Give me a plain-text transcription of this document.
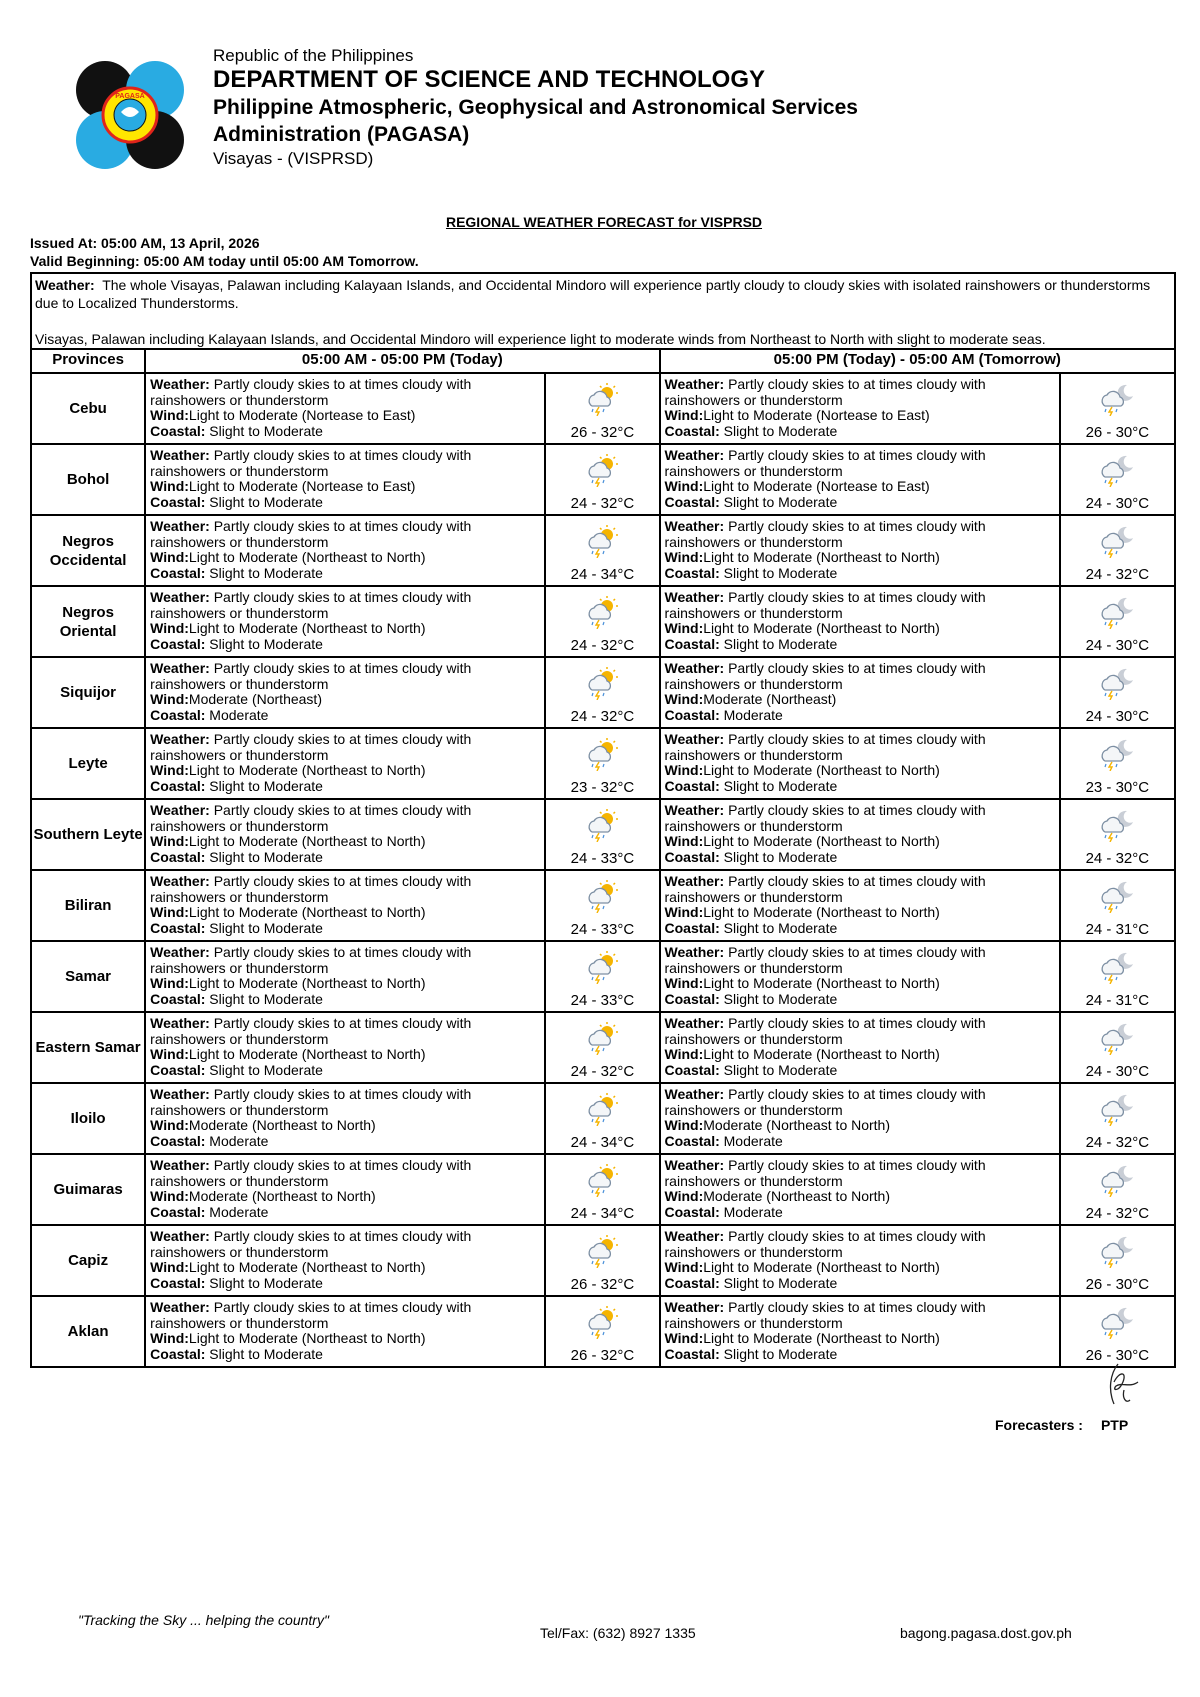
PAGASA
Republic of the Philippines
DEPARTMENT OF SCIENCE AND TECHNOLOGY
Philippine Atmospheric, Geophysical and Astronomical Services
Administration (PAGASA)
Visayas - (VISPRSD)
REGIONAL WEATHER FORECAST for VISPRSD
Issued At: 05:00 AM, 13 April, 2026
Valid Beginning: 05:00 AM today until 05:00 AM Tomorrow.

Weather: The whole Visayas, Palawan including Kalayaan Islands, and Occidental Mindoro will experience partly cloudy to cloudy skies with isolated rainshowers or thunderstorms due to Localized Thunderstorms.

Visayas, Palawan including Kalayaan Islands, and Occidental Mindoro will experience light to moderate winds from Northeast to North with slight to moderate seas.

Provinces	05:00 AM - 05:00 PM (Today)		05:00 PM (Today) - 05:00 AM (Tomorrow)	
Cebu	Weather: Partly cloudy skies to at times cloudy with rainshowers or thunderstorm
Wind:Light to Moderate (Nortease to East)
Coastal: Slight to Moderate	26 - 32°C	Weather: Partly cloudy skies to at times cloudy with rainshowers or thunderstorm
Wind:Light to Moderate (Nortease to East)
Coastal: Slight to Moderate	26 - 30°C

Bohol	Weather: Partly cloudy skies to at times cloudy with rainshowers or thunderstorm
Wind:Light to Moderate (Nortease to East)
Coastal: Slight to Moderate	24 - 32°C	Weather: Partly cloudy skies to at times cloudy with rainshowers or thunderstorm
Wind:Light to Moderate (Nortease to East)
Coastal: Slight to Moderate	24 - 30°C

Negros Occidental	Weather: Partly cloudy skies to at times cloudy with rainshowers or thunderstorm
Wind:Light to Moderate (Northeast to North)
Coastal: Slight to Moderate	24 - 34°C	Weather: Partly cloudy skies to at times cloudy with rainshowers or thunderstorm
Wind:Light to Moderate (Northeast to North)
Coastal: Slight to Moderate	24 - 32°C

Negros Oriental	Weather: Partly cloudy skies to at times cloudy with rainshowers or thunderstorm
Wind:Light to Moderate (Northeast to North)
Coastal: Slight to Moderate	24 - 32°C	Weather: Partly cloudy skies to at times cloudy with rainshowers or thunderstorm
Wind:Light to Moderate (Northeast to North)
Coastal: Slight to Moderate	24 - 30°C

Siquijor	Weather: Partly cloudy skies to at times cloudy with rainshowers or thunderstorm
Wind:Moderate (Northeast)
Coastal: Moderate	24 - 32°C	Weather: Partly cloudy skies to at times cloudy with rainshowers or thunderstorm
Wind:Moderate (Northeast)
Coastal: Moderate	24 - 30°C

Leyte	Weather: Partly cloudy skies to at times cloudy with rainshowers or thunderstorm
Wind:Light to Moderate (Northeast to North)
Coastal: Slight to Moderate	23 - 32°C	Weather: Partly cloudy skies to at times cloudy with rainshowers or thunderstorm
Wind:Light to Moderate (Northeast to North)
Coastal: Slight to Moderate	23 - 30°C

Southern Leyte	Weather: Partly cloudy skies to at times cloudy with rainshowers or thunderstorm
Wind:Light to Moderate (Northeast to North)
Coastal: Slight to Moderate	24 - 33°C	Weather: Partly cloudy skies to at times cloudy with rainshowers or thunderstorm
Wind:Light to Moderate (Northeast to North)
Coastal: Slight to Moderate	24 - 32°C

Biliran	Weather: Partly cloudy skies to at times cloudy with rainshowers or thunderstorm
Wind:Light to Moderate (Northeast to North)
Coastal: Slight to Moderate	24 - 33°C	Weather: Partly cloudy skies to at times cloudy with rainshowers or thunderstorm
Wind:Light to Moderate (Northeast to North)
Coastal: Slight to Moderate	24 - 31°C

Samar	Weather: Partly cloudy skies to at times cloudy with rainshowers or thunderstorm
Wind:Light to Moderate (Northeast to North)
Coastal: Slight to Moderate	24 - 33°C	Weather: Partly cloudy skies to at times cloudy with rainshowers or thunderstorm
Wind:Light to Moderate (Northeast to North)
Coastal: Slight to Moderate	24 - 31°C

Eastern Samar	Weather: Partly cloudy skies to at times cloudy with rainshowers or thunderstorm
Wind:Light to Moderate (Northeast to North)
Coastal: Slight to Moderate	24 - 32°C	Weather: Partly cloudy skies to at times cloudy with rainshowers or thunderstorm
Wind:Light to Moderate (Northeast to North)
Coastal: Slight to Moderate	24 - 30°C

Iloilo	Weather: Partly cloudy skies to at times cloudy with rainshowers or thunderstorm
Wind:Moderate (Northeast to North)
Coastal: Moderate	24 - 34°C	Weather: Partly cloudy skies to at times cloudy with rainshowers or thunderstorm
Wind:Moderate (Northeast to North)
Coastal: Moderate	24 - 32°C

Guimaras	Weather: Partly cloudy skies to at times cloudy with rainshowers or thunderstorm
Wind:Moderate (Northeast to North)
Coastal: Moderate	24 - 34°C	Weather: Partly cloudy skies to at times cloudy with rainshowers or thunderstorm
Wind:Moderate (Northeast to North)
Coastal: Moderate	24 - 32°C

Capiz	Weather: Partly cloudy skies to at times cloudy with rainshowers or thunderstorm
Wind:Light to Moderate (Northeast to North)
Coastal: Slight to Moderate	26 - 32°C	Weather: Partly cloudy skies to at times cloudy with rainshowers or thunderstorm
Wind:Light to Moderate (Northeast to North)
Coastal: Slight to Moderate	26 - 30°C

Aklan	Weather: Partly cloudy skies to at times cloudy with rainshowers or thunderstorm
Wind:Light to Moderate (Northeast to North)
Coastal: Slight to Moderate	26 - 32°C	Weather: Partly cloudy skies to at times cloudy with rainshowers or thunderstorm
Wind:Light to Moderate (Northeast to North)
Coastal: Slight to Moderate	26 - 30°C
Forecasters : PTP
"Tracking the Sky ... helping the country"
Tel/Fax: (632) 8927 1335	bagong.pagasa.dost.gov.ph
